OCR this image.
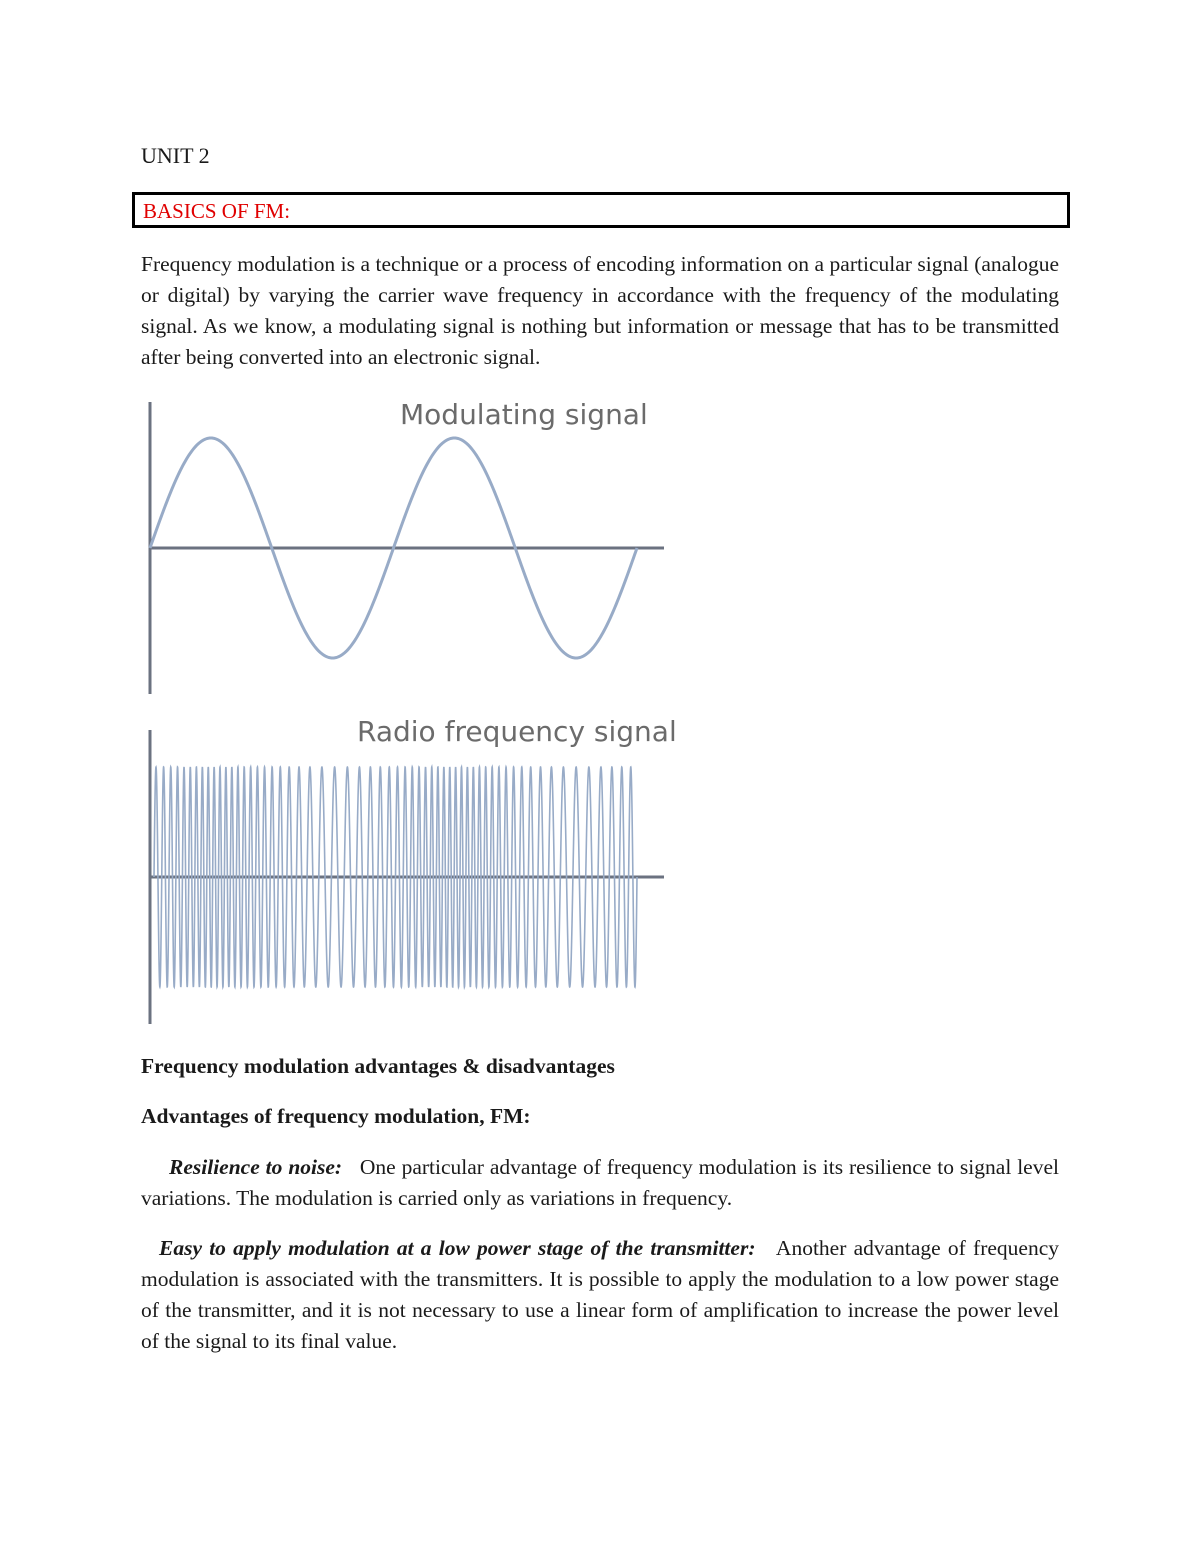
UNIT 2
BASICS OF FM:

Frequency modulation is a technique or a process of encoding information on a particular signal (analogue or digital) by varying the carrier wave frequency in accordance with the frequency of the modulating signal. As we know, a modulating signal is nothing but information or message that has to be transmitted after being converted into an electronic signal.

Modulating signal
Radio frequency signal
Frequency modulation advantages & disadvantages
Advantages of frequency modulation, FM:

Resilience to noise: One particular advantage of frequency modulation is its resilience to signal level variations. The modulation is carried only as variations in frequency.

Easy to apply modulation at a low power stage of the transmitter: Another advantage of frequency modulation is associated with the transmitters. It is possible to apply the modulation to a low power stage of the transmitter, and it is not necessary to use a linear form of amplification to increase the power level of the signal to its final value.
